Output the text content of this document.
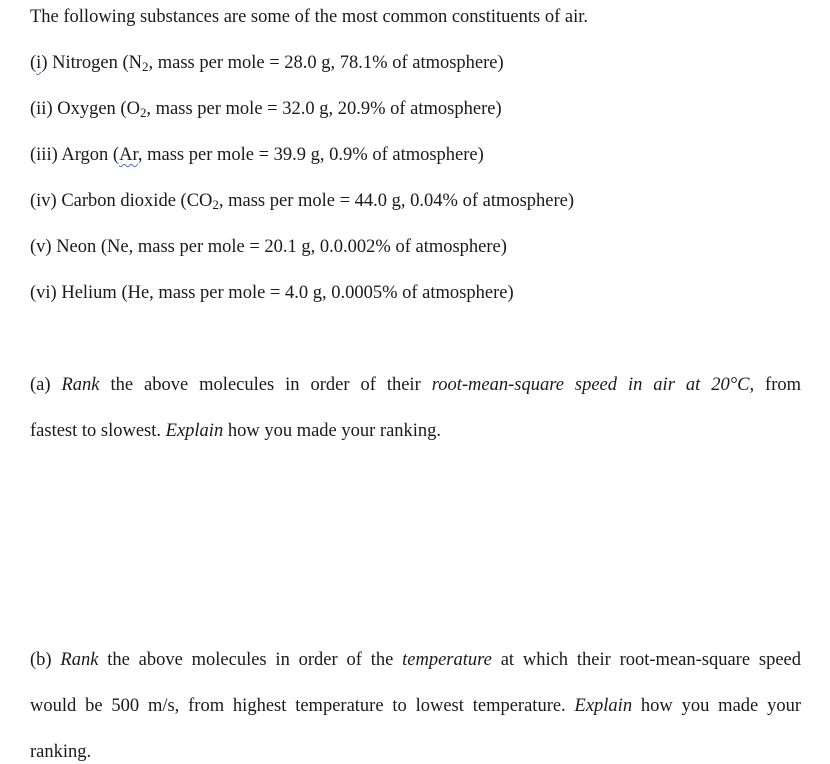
The following substances are some of the most common constituents of air.
(i) Nitrogen ($N_2$, mass per mole = 28.0 g, 78.1% of atmosphere)
(ii) Oxygen ($O_2$, mass per mole = 32.0 g, 20.9% of atmosphere)
(iii) Argon (Ar, mass per mole = 39.9 g, 0.9% of atmosphere)
(iv) Carbon dioxide ($CO_2$, mass per mole = 44.0 g, 0.04% of atmosphere)
(v) Neon (Ne, mass per mole = 20.1 g, 0.0.002% of atmosphere)
(vi) Helium (He, mass per mole = 4.0 g, 0.0005% of atmosphere)
(a) Rank the above molecules in order of their root-mean-square speed in air at 20°C, from
fastest to slowest. Explain how you made your ranking.
(b) Rank the above molecules in order of the temperature at which their root-mean-square speed
would be 500 m/s, from highest temperature to lowest temperature. Explain how you made your
ranking.
